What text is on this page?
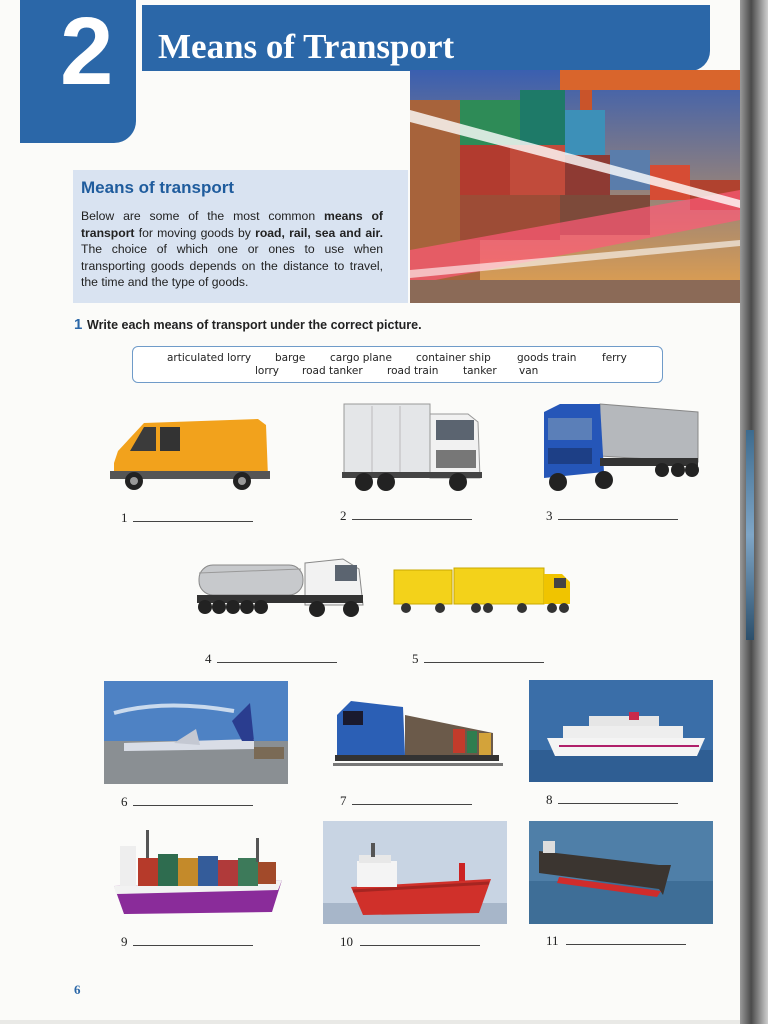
2 Means of Transport
Means of transport
Below are some of the most common means of transport for moving goods by road, rail, sea and air. The choice of which one or ones to use when transporting goods depends on the distance to travel, the time and the type of goods.
1 Write each means of transport under the correct picture.
articulated lorry barge cargo plane container ship goods train ferry
lorry road tanker road train tanker van
1	2	3
4	5
6	7	8
9	10	11
6
